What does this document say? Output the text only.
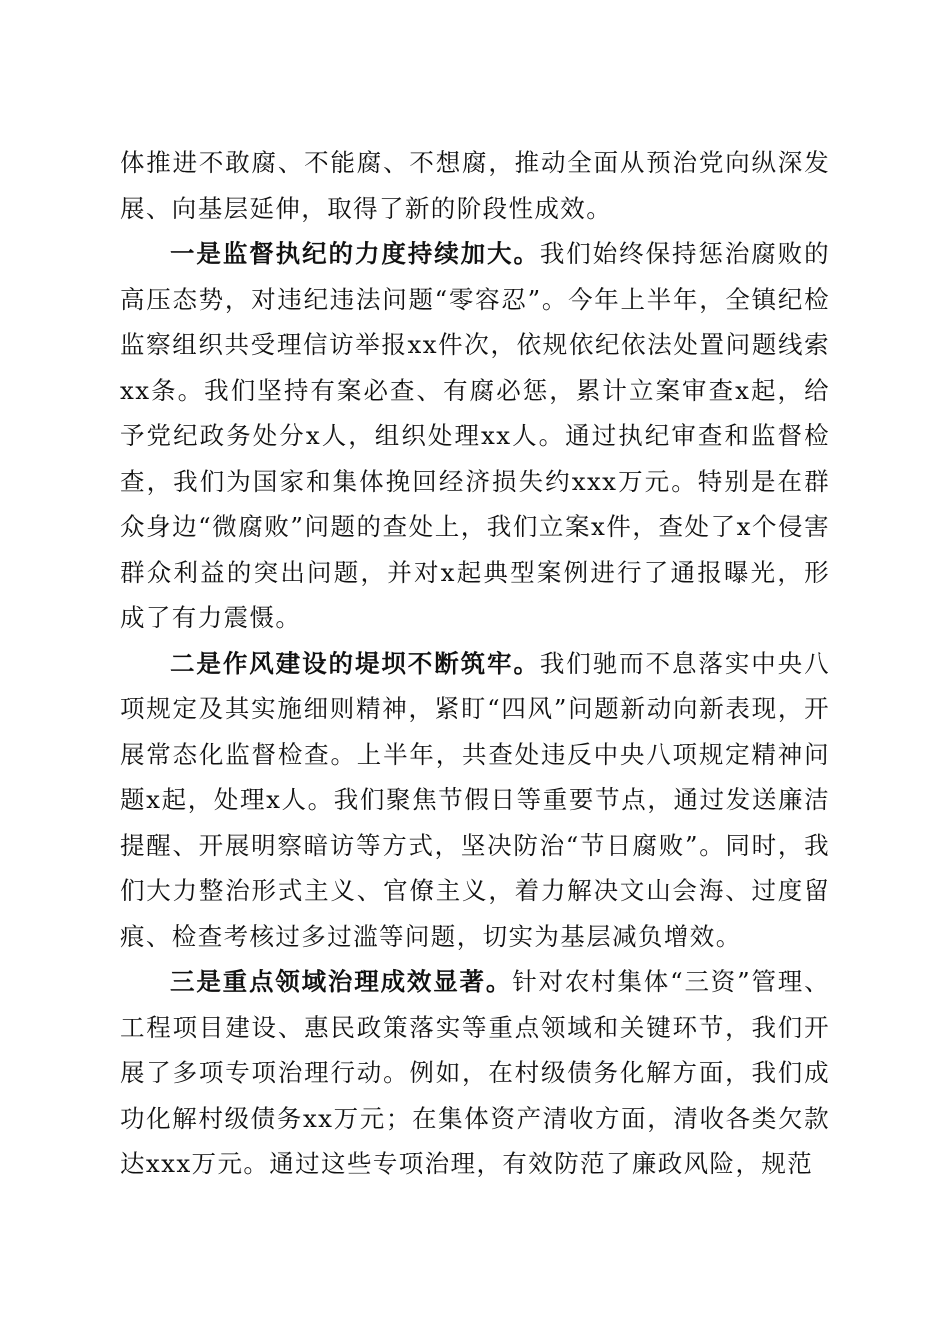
体推进不敢腐、不能腐、不想腐，推动全面从预治党向纵深发展、向基层延伸，取得了新的阶段性成效。

一是监督执纪的力度持续加大。我们始终保持惩治腐败的高压态势，对违纪违法问题“零容忍”。今年上半年，全镇纪检监察组织共受理信访举报xx件次，依规依纪依法处置问题线索xx条。我们坚持有案必查、有腐必惩，累计立案审查x起，给予党纪政务处分x人，组织处理xx人。通过执纪审查和监督检查，我们为国家和集体挽回经济损失约xxx万元。特别是在群众身边“微腐败”问题的查处上，我们立案x件，查处了x个侵害群众利益的突出问题，并对x起典型案例进行了通报曝光，形成了有力震慑。

二是作风建设的堤坝不断筑牢。我们驰而不息落实中央八项规定及其实施细则精神，紧盯“四风”问题新动向新表现，开展常态化监督检查。上半年，共查处违反中央八项规定精神问题x起，处理x人。我们聚焦节假日等重要节点，通过发送廉洁提醒、开展明察暗访等方式，坚决防治“节日腐败”。同时，我们大力整治形式主义、官僚主义，着力解决文山会海、过度留痕、检查考核过多过滥等问题，切实为基层减负增效。

三是重点领域治理成效显著。针对农村集体“三资”管理、工程项目建设、惠民政策落实等重点领域和关键环节，我们开展了多项专项治理行动。例如，在村级债务化解方面，我们成功化解村级债务xx万元；在集体资产清收方面，清收各类欠款达xxx万元。通过这些专项治理，有效防范了廉政风险，规范
